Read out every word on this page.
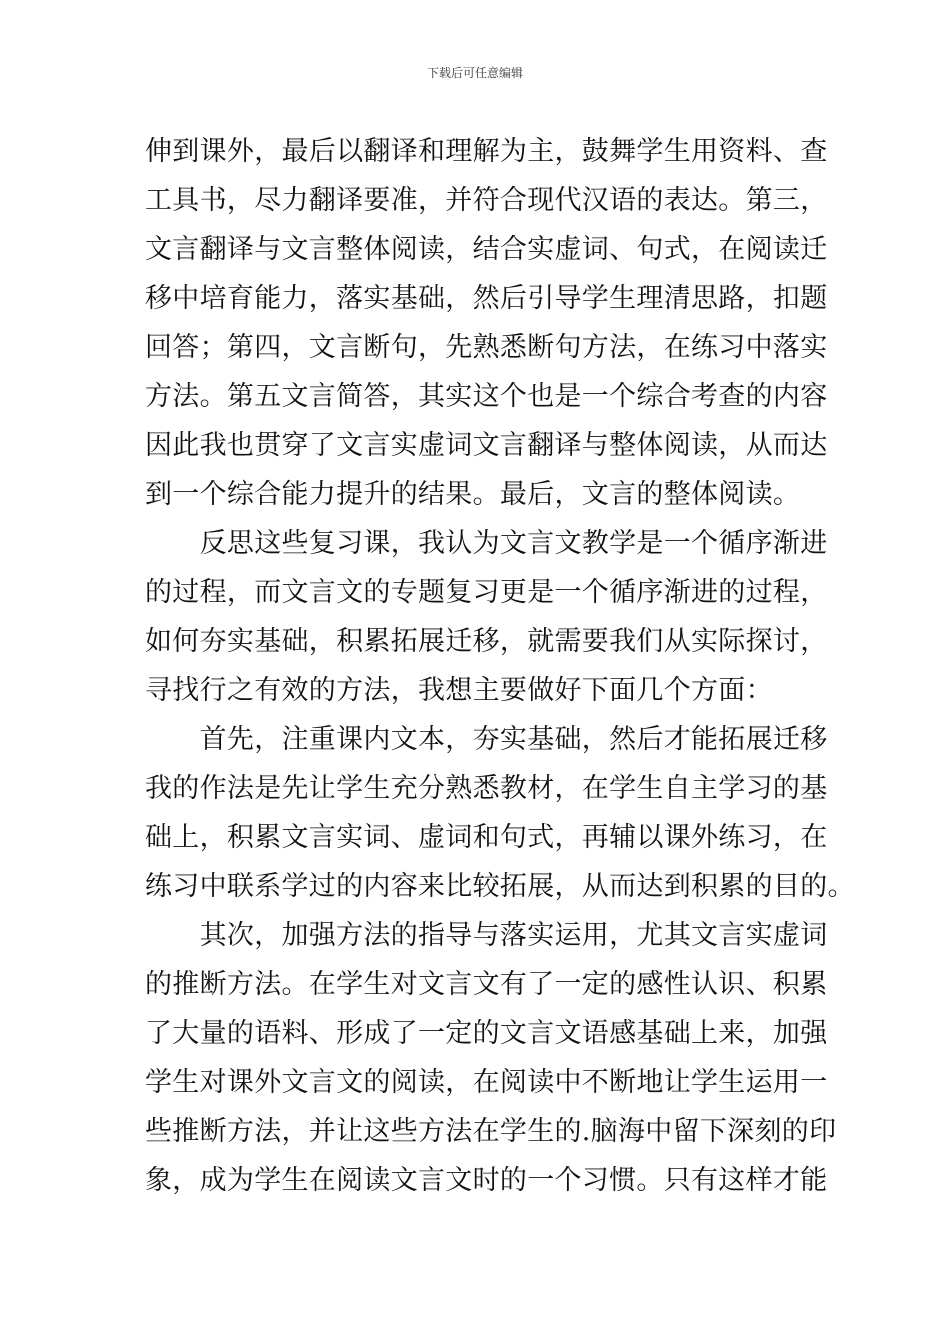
下载后可任意编辑
伸到课外，最后以翻译和理解为主，鼓舞学生用资料、查
工具书，尽力翻译要准，并符合现代汉语的表达。第三，
文言翻译与文言整体阅读，结合实虚词、句式，在阅读迁
移中培育能力，落实基础，然后引导学生理清思路，扣题
回答；第四，文言断句，先熟悉断句方法，在练习中落实
方法。第五文言简答，其实这个也是一个综合考查的内容
因此我也贯穿了文言实虚词文言翻译与整体阅读，从而达
到一个综合能力提升的结果。最后，文言的整体阅读。
　　反思这些复习课，我认为文言文教学是一个循序渐进
的过程，而文言文的专题复习更是一个循序渐进的过程，
如何夯实基础，积累拓展迁移，就需要我们从实际探讨，
寻找行之有效的方法，我想主要做好下面几个方面：
　　首先，注重课内文本，夯实基础，然后才能拓展迁移
我的作法是先让学生充分熟悉教材，在学生自主学习的基
础上，积累文言实词、虚词和句式，再辅以课外练习，在
练习中联系学过的内容来比较拓展，从而达到积累的目的。
　　其次，加强方法的指导与落实运用，尤其文言实虚词
的推断方法。在学生对文言文有了一定的感性认识、积累
了大量的语料、形成了一定的文言文语感基础上来，加强
学生对课外文言文的阅读，在阅读中不断地让学生运用一
些推断方法，并让这些方法在学生的.脑海中留下深刻的印
象，成为学生在阅读文言文时的一个习惯。只有这样才能
